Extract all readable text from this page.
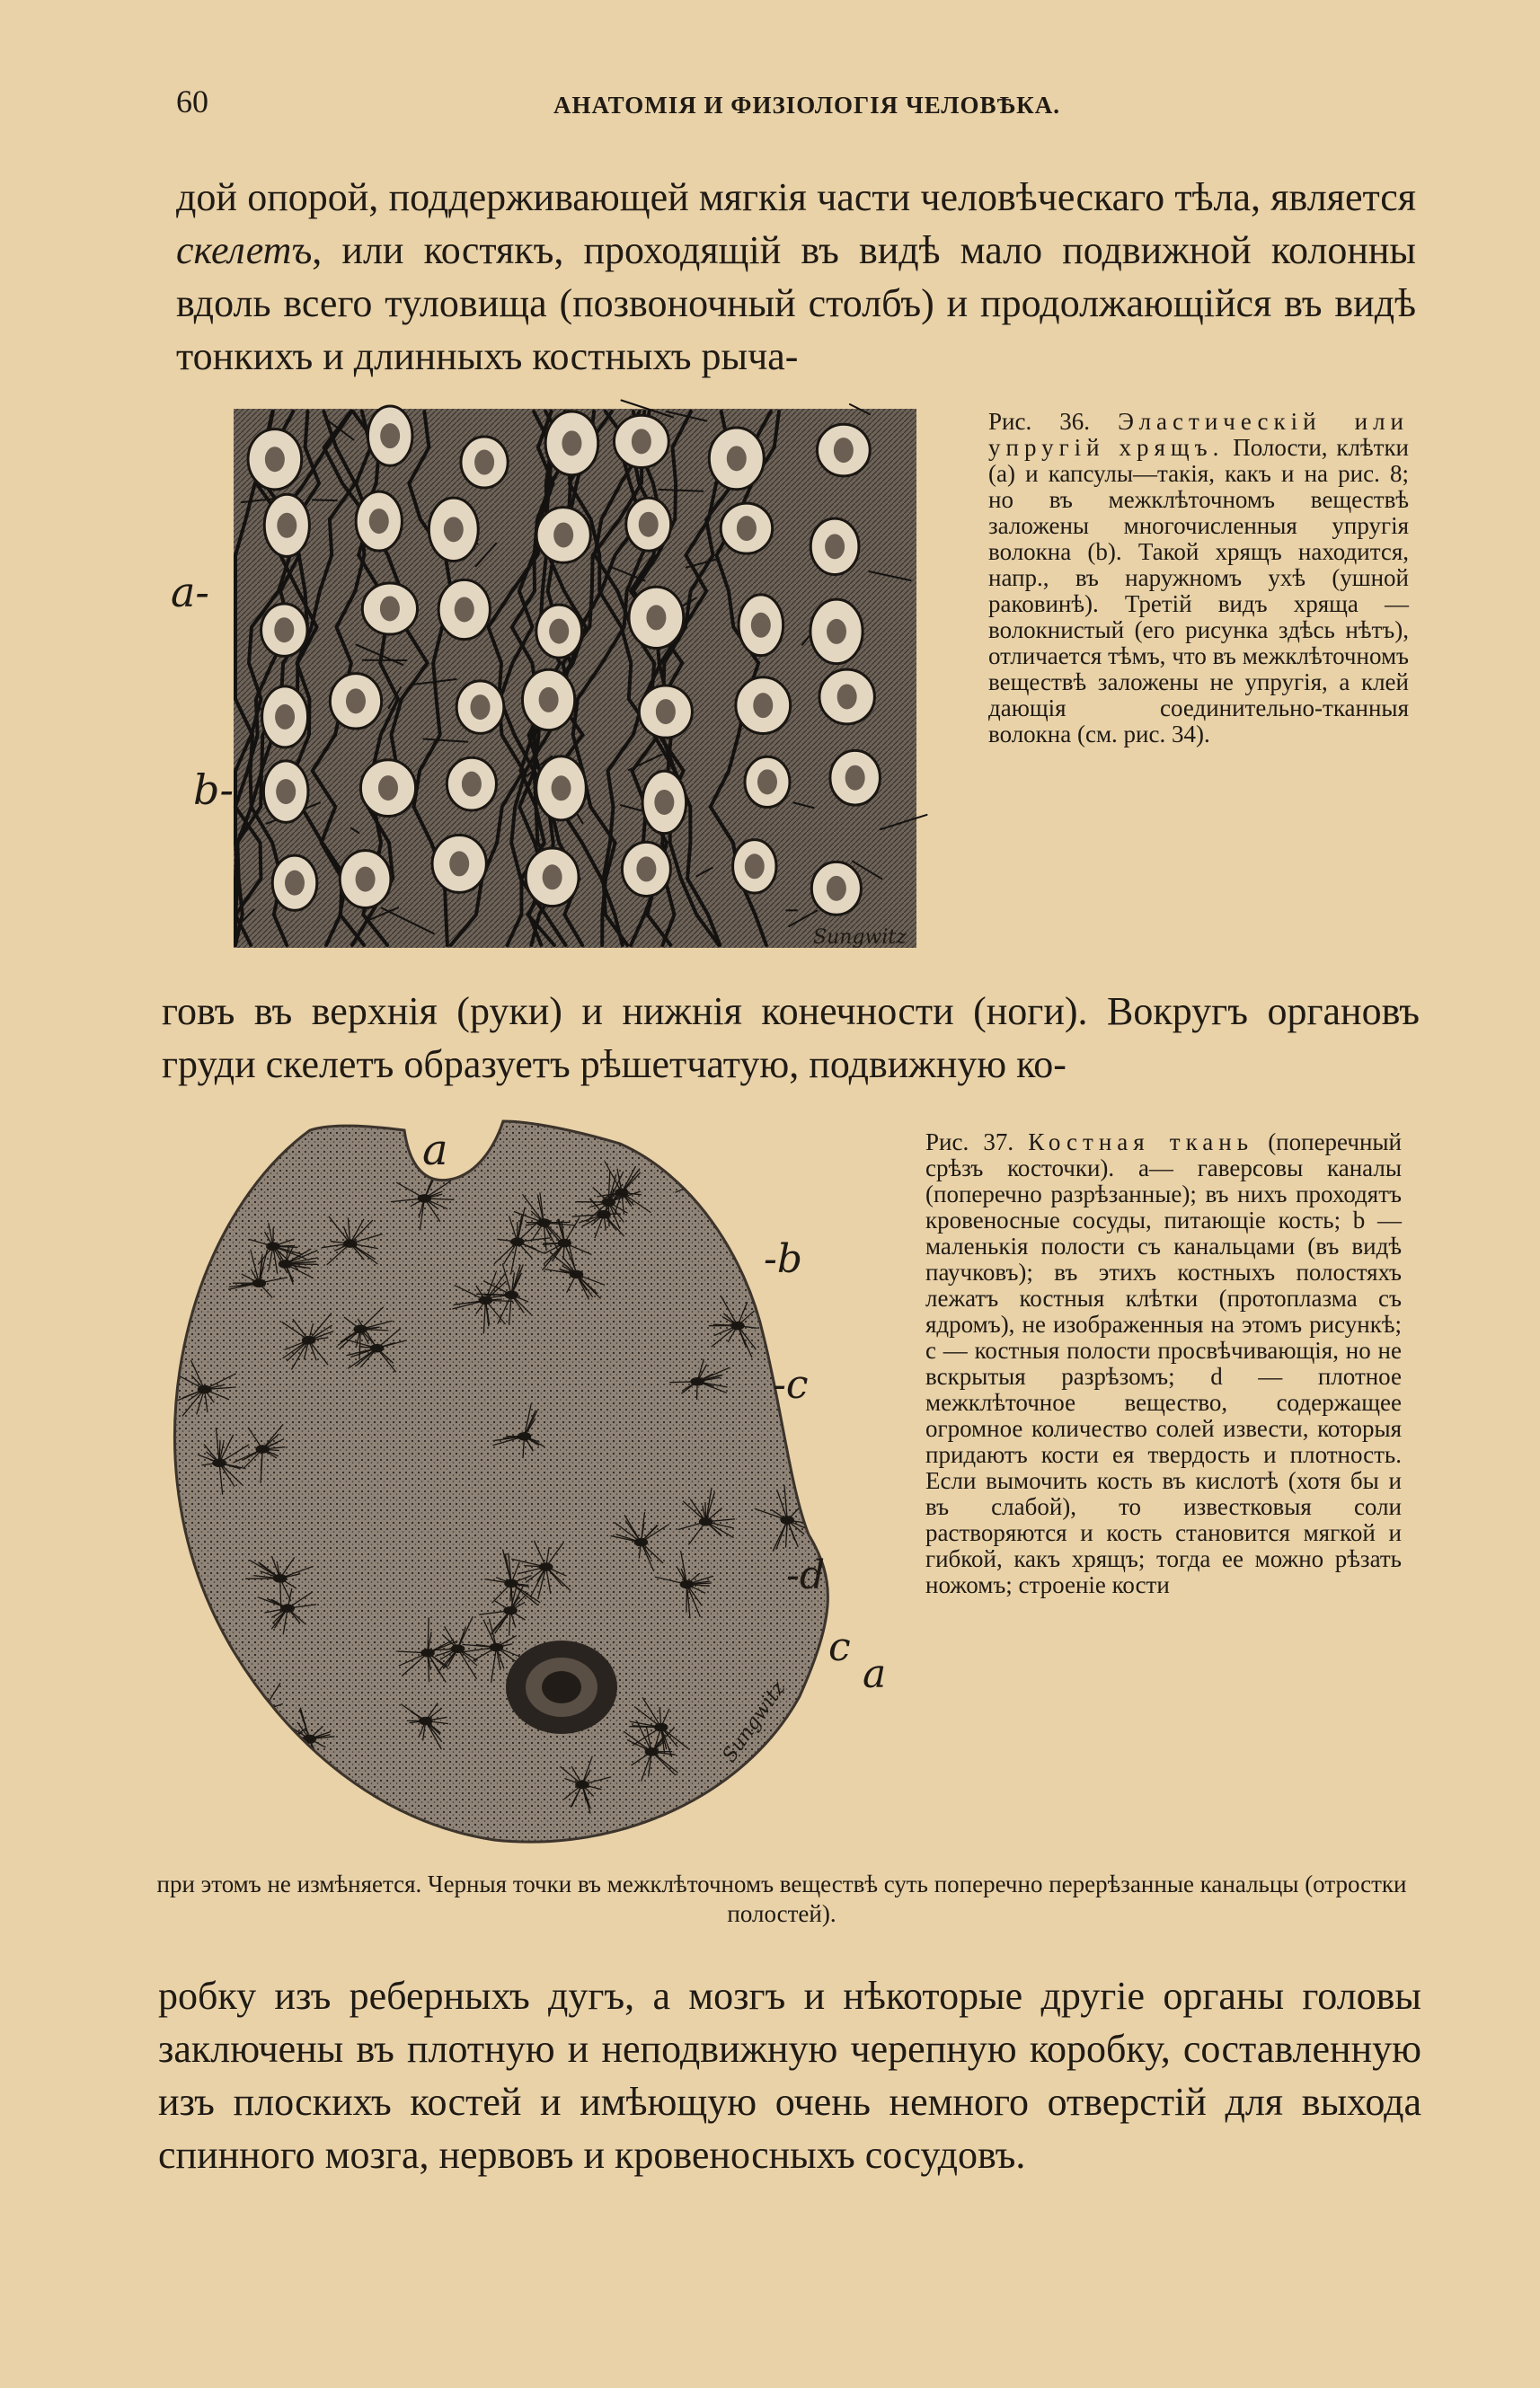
60	АНАТОМІЯ И ФИЗІОЛОГІЯ ЧЕЛОВѢКА.

дой опорой, поддерживающей мягкія части человѣческаго тѣла, является скелетъ, или костякъ, проходящій въ видѣ мало подвижной колонны вдоль всего туловища (позвоночный столбъ) и продолжающійся въ видѣ тонкихъ и длинныхъ костныхъ рыча-

a-
b-
Sungwitz
Рис. 36. Эластическій или упругій хрящъ. Полости, клѣтки (а) и капсулы—такія, какъ и на рис. 8; но въ межклѣточномъ веществѣ заложены многочисленныя упругія волокна (b). Такой хрящъ находится, напр., въ наружномъ ухѣ (ушной раковинѣ). Третій видъ хряща — волокнистый (его рисунка здѣсь нѣтъ), отличается тѣмъ, что въ межклѣточномъ веществѣ заложены не упругія, а клей дающія соединительно-тканныя волокна (см. рис. 34).

говъ въ верхнія (руки) и нижнія конечности (ноги). Вокругъ органовъ груди скелетъ образуетъ рѣшетчатую, подвижную ко-

a
-b
-c
-d
c
a
Sungwitz
Рис. 37. Костная ткань (поперечный срѣзъ косточки). а— гаверсовы каналы (поперечно разрѣзанные); въ нихъ проходятъ кровеносные сосуды, питающіе кость; b — маленькія полости съ канальцами (въ видѣ паучковъ); въ этихъ костныхъ полостяхъ лежатъ костныя клѣтки (протоплазма съ ядромъ), не изображенныя на этомъ рисункѣ; c — костныя полости просвѣчивающія, но не вскрытыя разрѣзомъ; d — плотное межклѣточное вещество, содержащее огромное количество солей извести, которыя придаютъ кости ея твердость и плотность. Если вымочить кость въ кислотѣ (хотя бы и въ слабой), то известковыя соли растворяются и кость становится мягкой и гибкой, какъ хрящъ; тогда ее можно рѣзать ножомъ; строеніе кости
при этомъ не измѣняется. Черныя точки въ межклѣточномъ веществѣ суть поперечно перерѣзанные канальцы (отростки полостей).

робку изъ реберныхъ дугъ, а мозгъ и нѣкоторые другіе органы головы заключены въ плотную и неподвижную черепную коробку, составленную изъ плоскихъ костей и имѣющую очень немного отверстій для выхода спинного мозга, нервовъ и кровеносныхъ сосудовъ.
